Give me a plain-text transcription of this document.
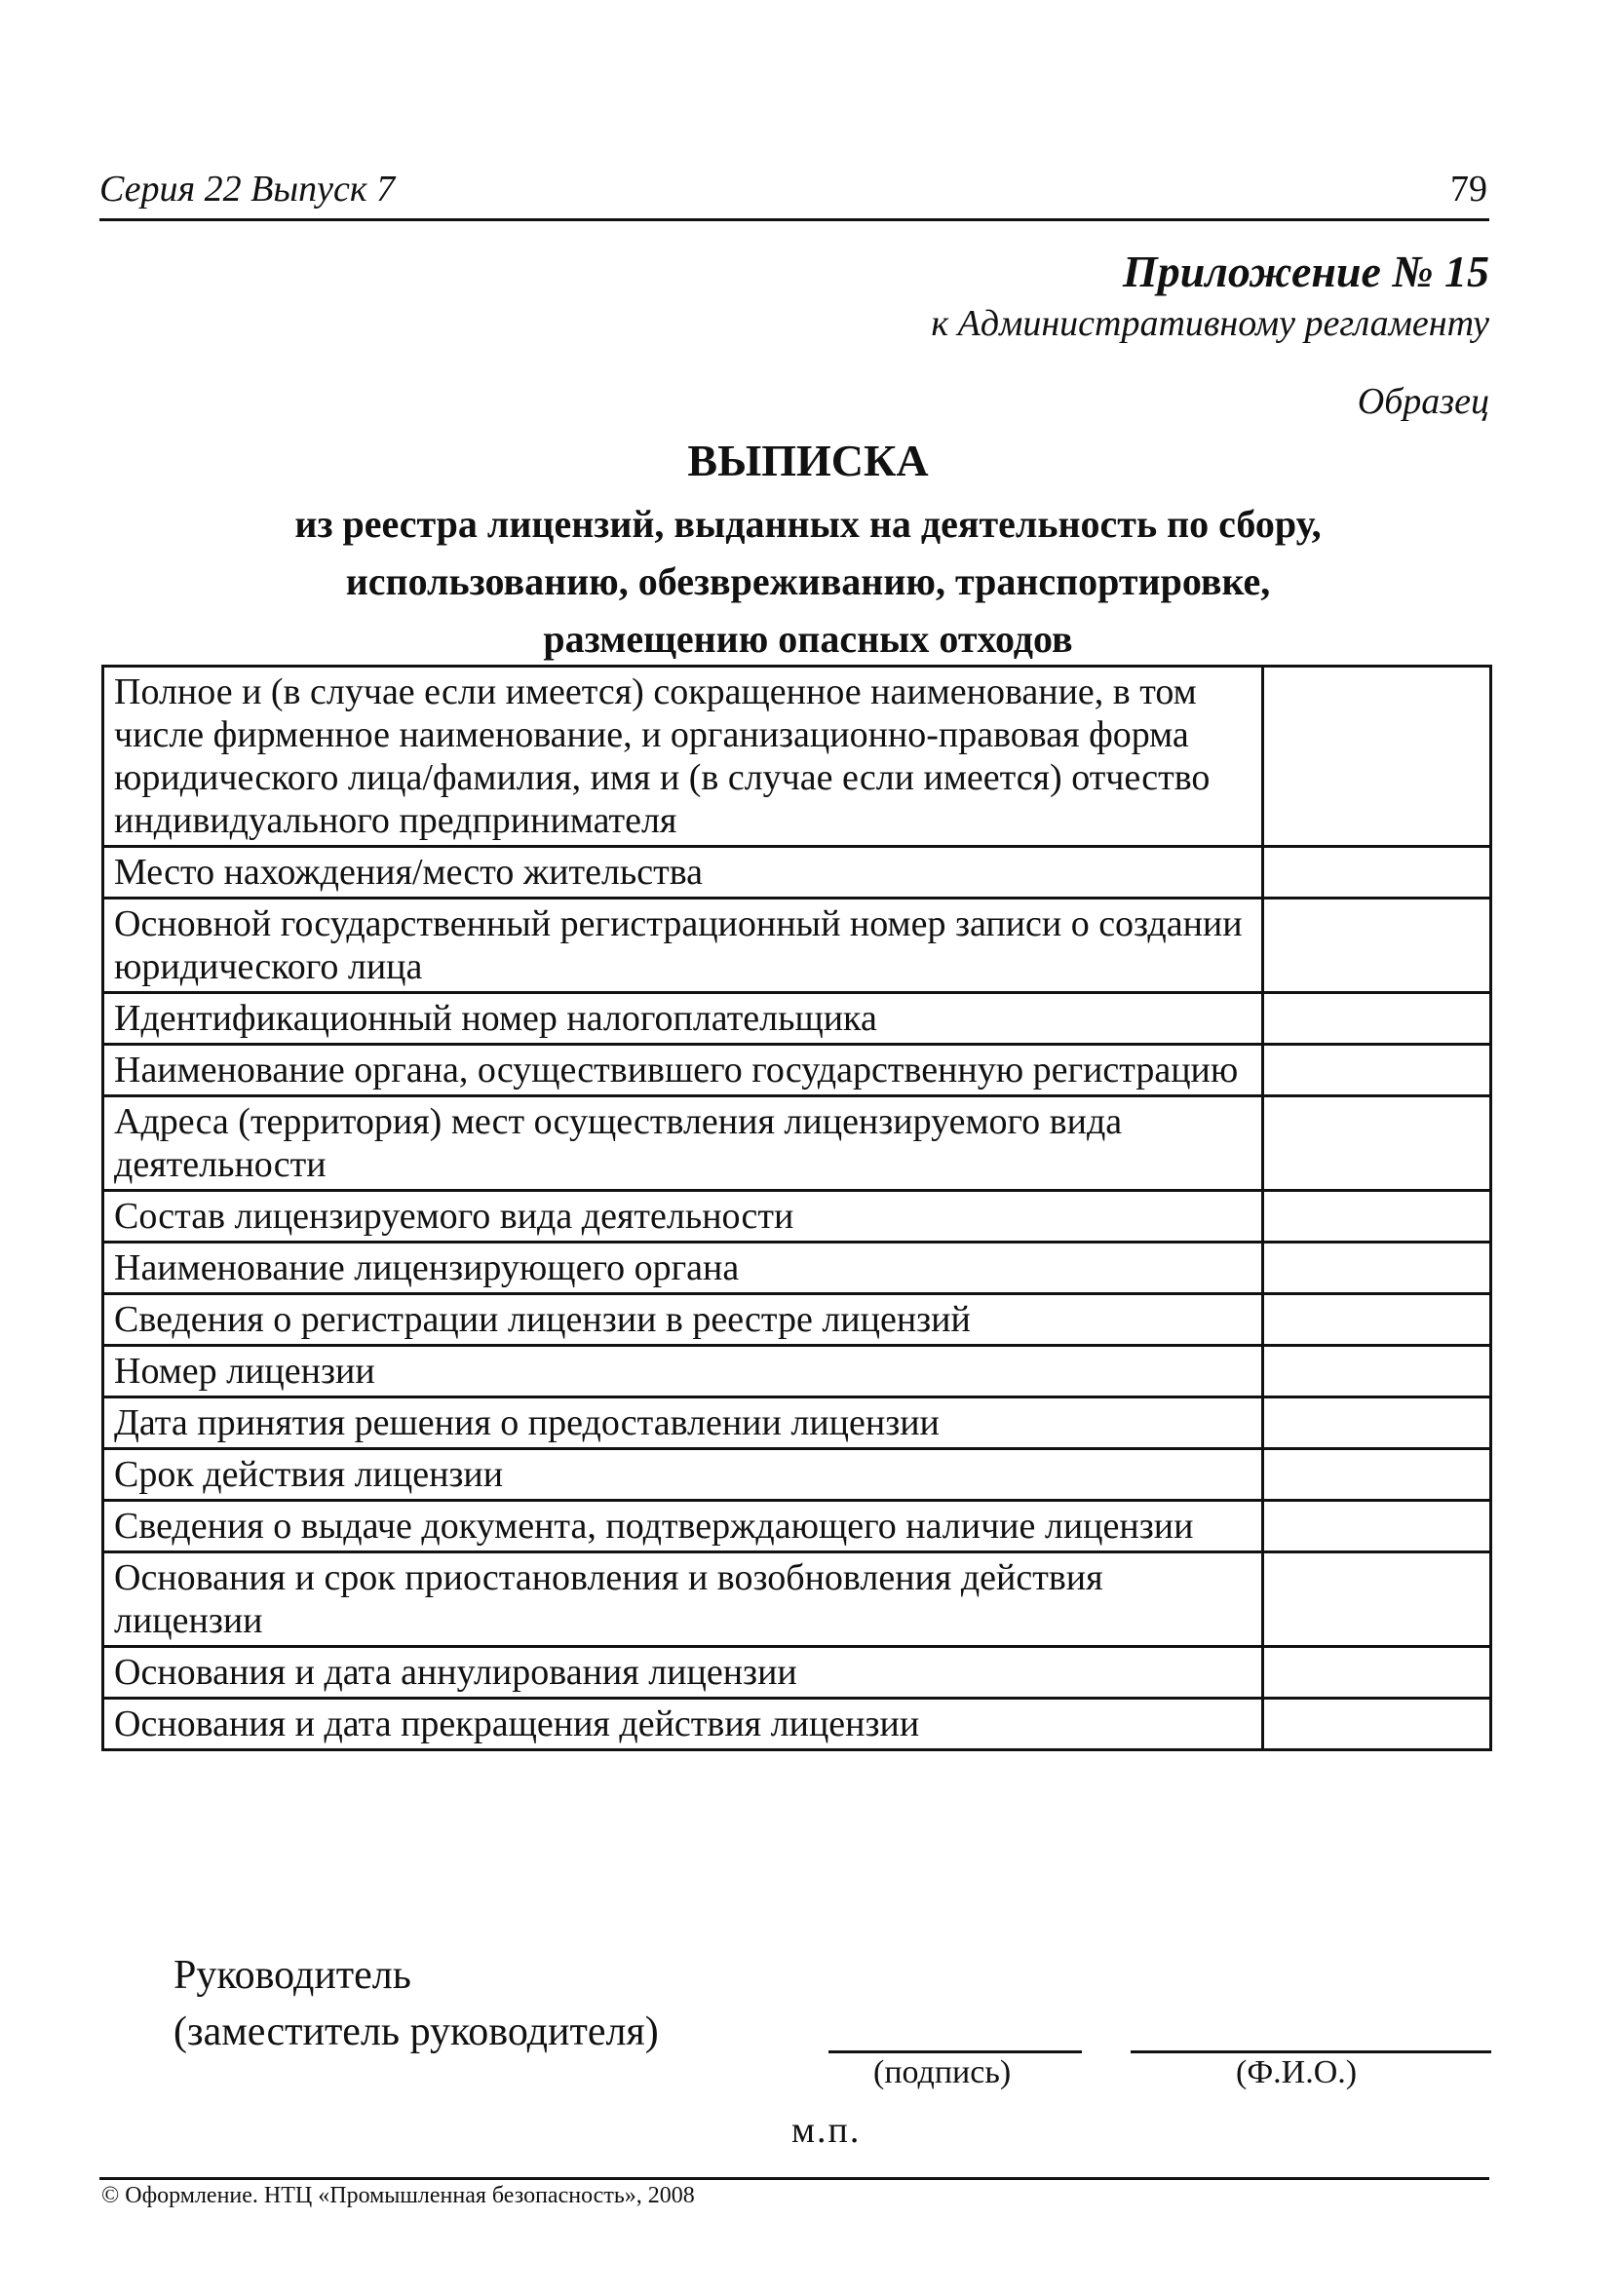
Серия 22 Выпуск 7	79
Приложение № 15
к Административному регламенту
Образец
ВЫПИСКА
из реестра лицензий, выданных на деятельность по сбору,
использованию, обезвреживанию, транспортировке,
размещению опасных отходов
Полное и (в случае если имеется) сокращенное наименование, в том числе фирменное наименование, и организационно-правовая форма юридического лица/фамилия, имя и (в случае если имеется) отчество индивидуального предпринимателя	
Место нахождения/место жительства	
Основной государственный регистрационный номер записи о создании юридического лица	
Идентификационный номер налогоплательщика	
Наименование органа, осуществившего государственную регистрацию	
Адреса (территория) мест осуществления лицензируемого вида деятельности	
Состав лицензируемого вида деятельности	
Наименование лицензирующего органа	
Сведения о регистрации лицензии в реестре лицензий	
Номер лицензии	
Дата принятия решения о предоставлении лицензии	
Срок действия лицензии	
Сведения о выдаче документа, подтверждающего наличие лицензии	
Основания и срок приостановления и возобновления действия лицензии	
Основания и дата аннулирования лицензии	
Основания и дата прекращения действия лицензии	
Руководитель
(заместитель руководителя)
(подпись)	(Ф.И.О.)
м.п.
© Оформление. НТЦ «Промышленная безопасность», 2008
